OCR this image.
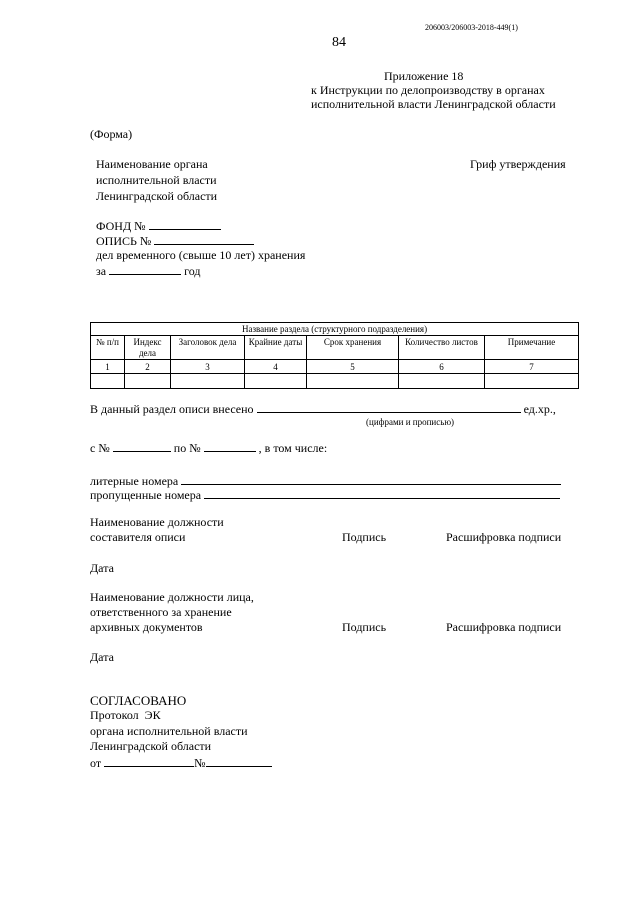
206003/206003-2018-449(1)
84
Приложение 18
к Инструкции по делопроизводству в органах
исполнительной власти Ленинградской области
(Форма)
Наименование органа
исполнительной власти
Ленинградской области
Гриф утверждения
ФОНД №
ОПИСЬ №
дел временного (свыше 10 лет) хранения
за	год
Название раздела (структурного подразделения)						
№ п/п	Индекс дела	Заголовок дела	Крайние даты	Срок хранения	Количество листов	Примечание
1	2	3	4	5	6	7

В данный раздел описи внесено	ед.хр.,
(цифрами и прописью)
с №	по №	, в том числе:
литерные номера
пропущенные номера
Наименование должности
составителя описи	Подпись	Расшифровка подписи
Дата
Наименование должности лица,
ответственного за хранение
архивных документов	Подпись	Расшифровка подписи
Дата
СОГЛАСОВАНО
Протокол  ЭК
органа исполнительной власти
Ленинградской области
от	№
